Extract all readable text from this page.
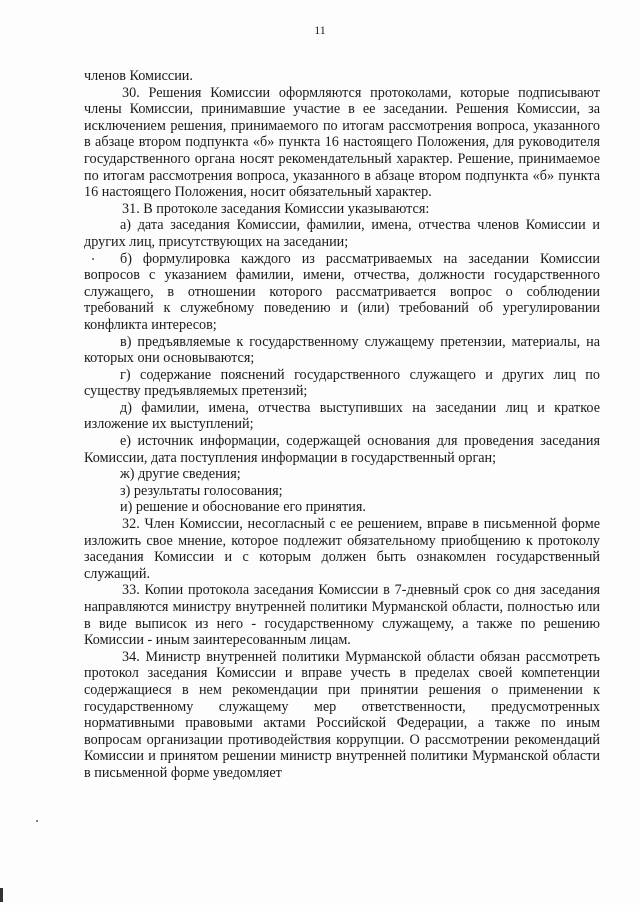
11

членов Комиссии.

30. Решения Комиссии оформляются протоколами, которые подписывают члены Комиссии, принимавшие участие в ее заседании. Решения Комиссии, за исключением решения, принимаемого по итогам рассмотрения вопроса, указанного в абзаце втором подпункта «б» пункта 16 настоящего Положения, для руководителя государственного органа носят рекомендательный характер. Решение, принимаемое по итогам рассмотрения вопроса, указанного в абзаце втором подпункта «б» пункта 16 настоящего Положения, носит обязательный характер.

31. В протоколе заседания Комиссии указываются:

а) дата заседания Комиссии, фамилии, имена, отчества членов Комиссии и других лиц, присутствующих на заседании;

б) формулировка каждого из рассматриваемых на заседании Комиссии вопросов с указанием фамилии, имени, отчества, должности государственного служащего, в отношении которого рассматривается вопрос о соблюдении требований к служебному поведению и (или) требований об урегулировании конфликта интересов;

в) предъявляемые к государственному служащему претензии, материалы, на которых они основываются;

г) содержание пояснений государственного служащего и других лиц по существу предъявляемых претензий;

д) фамилии, имена, отчества выступивших на заседании лиц и краткое изложение их выступлений;

е) источник информации, содержащей основания для проведения заседания Комиссии, дата поступления информации в государственный орган;

ж) другие сведения;

з) результаты голосования;

и) решение и обоснование его принятия.

32. Член Комиссии, несогласный с ее решением, вправе в письменной форме изложить свое мнение, которое подлежит обязательному приобщению к протоколу заседания Комиссии и с которым должен быть ознакомлен государственный служащий.

33. Копии протокола заседания Комиссии в 7-дневный срок со дня заседания направляются министру внутренней политики Мурманской области, полностью или в виде выписок из него - государственному служащему, а также по решению Комиссии - иным заинтересованным лицам.

34. Министр внутренней политики Мурманской области обязан рассмотреть протокол заседания Комиссии и вправе учесть в пределах своей компетенции содержащиеся в нем рекомендации при принятии решения о применении к государственному служащему мер ответственности, предусмотренных нормативными правовыми актами Российской Федерации, а также по иным вопросам организации противодействия коррупции. О рассмотрении рекомендаций Комиссии и принятом решении министр внутренней политики Мурманской области в письменной форме уведомляет
